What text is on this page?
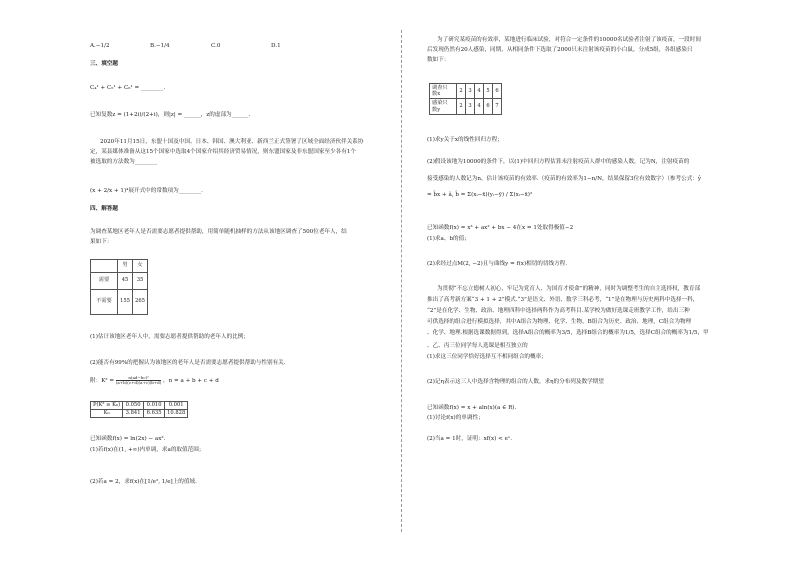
A.−1/2	B.−1/4	C.0	D.1
三、填空题
C₄¹ + C₅¹ + C₆¹ = ________.
已知复数z = (1+2i)/(2+i)，则|z| = ______，z的虚部为______.
2020年11月15日，东盟十国及中国、日本、韩国、澳大利亚、新西兰正式签署了区域全面经济伙伴关系协
定，某县媒体准备从这15个国家中选取4个国家介绍其经济贸易情况，则东盟国家及非东盟国家至少各有1个
被选取的方法数为________
(x + 2/x + 1)⁴展开式中的常数项为________.
四、解答题
为调查某地区老年人是否需要志愿者提供帮助，用简单随机抽样的方法从该地区调查了500位老年人，结
果如下：
	男	女
需要	45	35
不需要	155	265
(1)估计该地区老年人中，需要志愿者提供帮助的老年人的比例；
(2)能否有99%的把握认为该地区的老年人是否需要志愿者提供帮助与性别有关.
附：$K^2 = \frac{\text{n(ad−bc)²}}{(a+b)(c+d)(a+c)(b+d)}$ ，n = a + b + c + d
P(K² ≥ K₀)	0.050	0.010	0.001
K₀	3.841	6.635	10.828
已知函数f(x) = ln(2x) − ax².
(1)若f(x)在(1, +∞)内单调，求a的取值范围；
(2)若a = 2，求f(x)在[1/e², 1/e]上的值域.
为了研究某疫苗的有效率，某地进行临床试验，对符合一定条件的10000名试验者注射了该疫苗，一段时间
后发现仍然有20人感染，同期，从相同条件下选取了2000只未注射该疫苗的小白鼠，分成5组，各组感染只
数如下：
调查只
数x	2	3	4	5	6
感染只
数y	2	3	4	6	7
(1)求y关于x的线性回归方程；
(2)假设该地为10000的条件下，以(1)中回归方程估算未注射疫苗人群中的感染人数，记为N，注射疫苗的
接受感染的人数记为n，估计该疫苗的有效率.（疫苗的有效率为1−n/N，结果保留3位有效数字）（参考公式：ŷ
= b̂x + â, b̂ = Σ(xᵢ−x̄)(yᵢ−ȳ) / Σ(xᵢ−x̄)²
已知函数f(x) = x³ + ax² + bx − 4在x = 1处取得极值−2
(1)求a、b的值；
(2)求经过点M(2, −2)且与曲线y = f(x)相切的切线方程.
为贯彻“不忘立德树人初心，牢记为党育人、为国育才使命”的精神，同时为调整考生的自主选择权，教育部
推出了高考新方案“3 + 1 + 2”模式.“3”是语文、外语、数学三科必考，“1”是在物理与历史两科中选择一科，
“2”是在化学、生物、政治、地理四科中选择两科作为高考科目.某学校为做好选课走班教学工作，给出三种
可供选择的组合进行模拟选择，其中A组合为物理、化学、生物，B组合为历史、政治、地理，C组合为物理
、化学、地理.根据选课数据得到，选择A组合的概率为3/5，选择B组合的概率为1/5，选择C组合的概率为1/5，甲
、乙、丙三位同学每人选课是相互独立的
(1)求这三位同学恰好选择互不相同组合的概率；
(2)记η表示这三人中选择含物理的组合的人数，求η的分布列及数学期望
已知函数f(x) = x + aln(x)(a ∈ R).
(1)讨论f(x)的单调性；
(2)当a = 1时，证明：xf(x) < eˣ.
